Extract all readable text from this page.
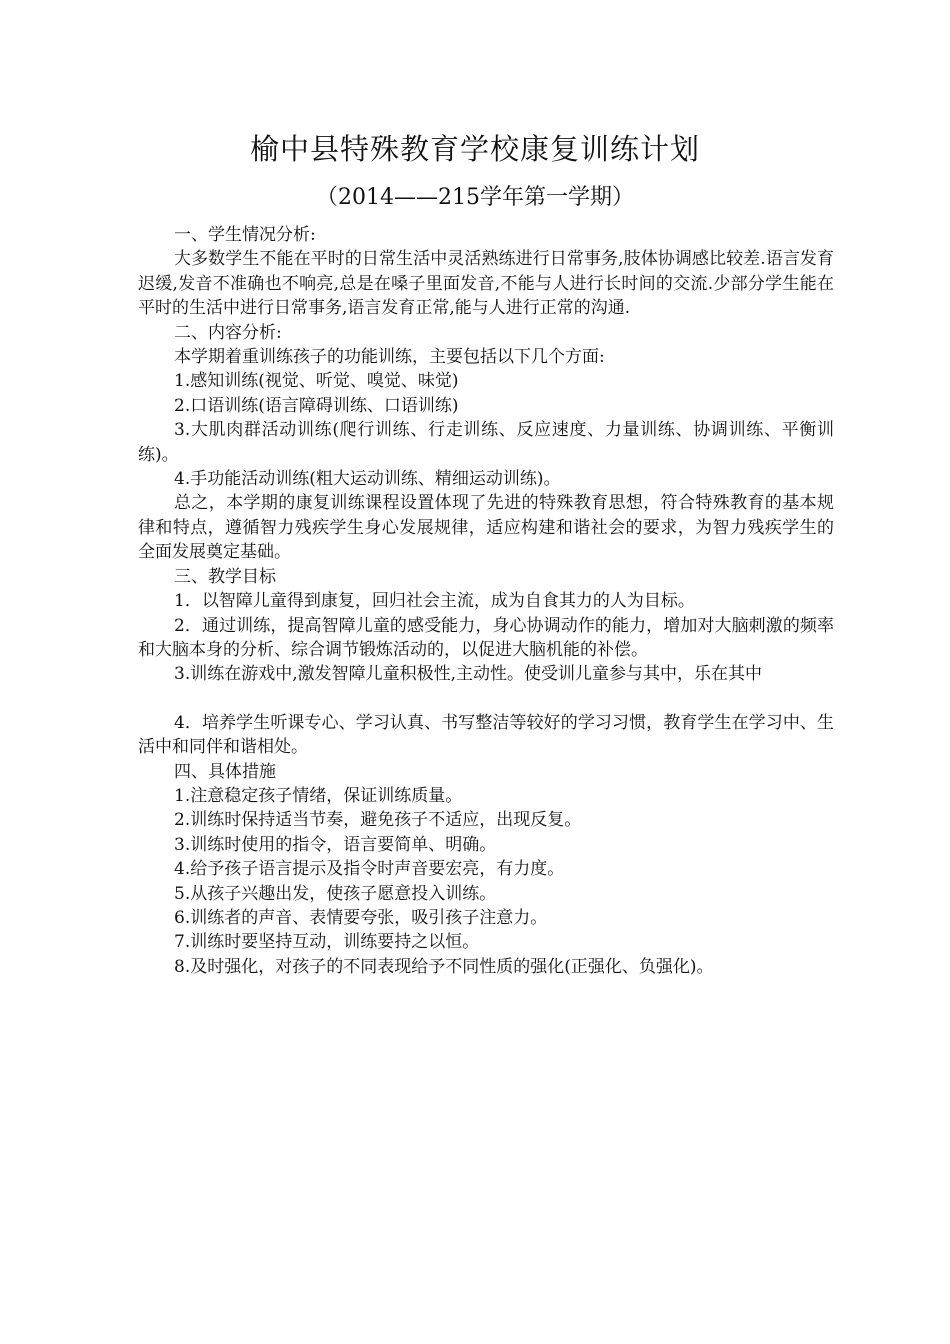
榆中县特殊教育学校康复训练计划
（2014——215学年第一学期）

一、学生情况分析:

大多数学生不能在平时的日常生活中灵活熟练进行日常事务,肢体协调感比较差.语言发育迟缓,发音不准确也不响亮,总是在嗓子里面发音,不能与人进行长时间的交流.少部分学生能在平时的生活中进行日常事务,语言发育正常,能与人进行正常的沟通.

二、内容分析:

本学期着重训练孩子的功能训练，主要包括以下几个方面:

1.感知训练(视觉、听觉、嗅觉、味觉)

2.口语训练(语言障碍训练、口语训练)

3.大肌肉群活动训练(爬行训练、行走训练、反应速度、力量训练、协调训练、平衡训练)。

4.手功能活动训练(粗大运动训练、精细运动训练)。

总之，本学期的康复训练课程设置体现了先进的特殊教育思想，符合特殊教育的基本规律和特点，遵循智力残疾学生身心发展规律，适应构建和谐社会的要求，为智力残疾学生的全面发展奠定基础。

三、教学目标

1．以智障儿童得到康复，回归社会主流，成为自食其力的人为目标。

2．通过训练，提高智障儿童的感受能力，身心协调动作的能力，增加对大脑刺激的频率和大脑本身的分析、综合调节锻炼活动的，以促进大脑机能的补偿。

3.训练在游戏中,激发智障儿童积极性,主动性。使受训儿童参与其中，乐在其中

4．培养学生听课专心、学习认真、书写整洁等较好的学习习惯，教育学生在学习中、生活中和同伴和谐相处。

四、具体措施

1.注意稳定孩子情绪，保证训练质量。

2.训练时保持适当节奏，避免孩子不适应，出现反复。

3.训练时使用的指令，语言要简单、明确。

4.给予孩子语言提示及指令时声音要宏亮，有力度。

5.从孩子兴趣出发，使孩子愿意投入训练。

6.训练者的声音、表情要夸张，吸引孩子注意力。

7.训练时要坚持互动，训练要持之以恒。

8.及时强化，对孩子的不同表现给予不同性质的强化(正强化、负强化)。
